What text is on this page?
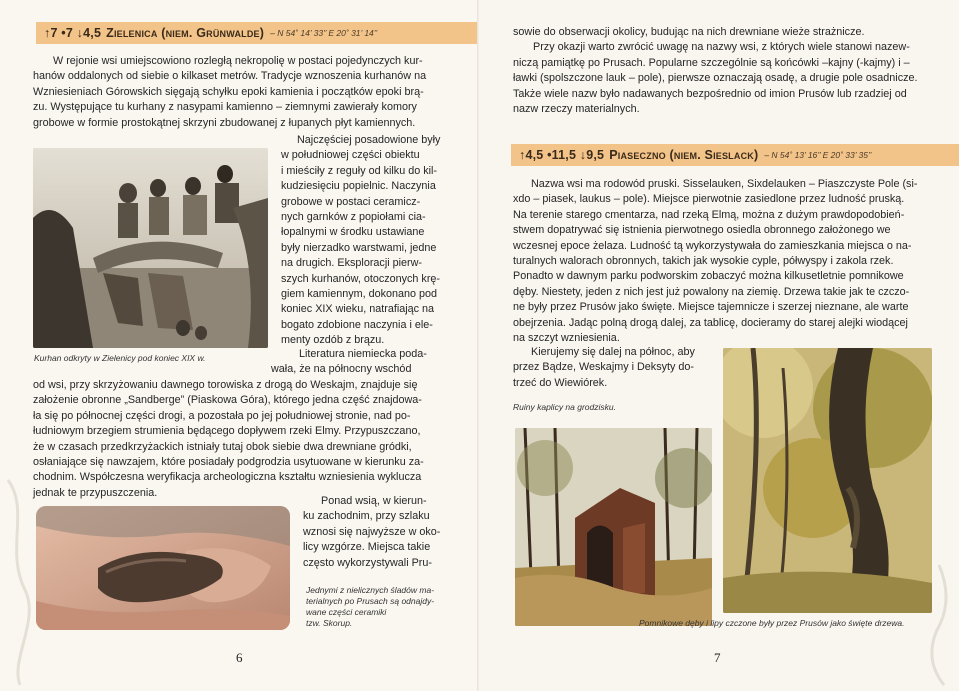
↑7 •7 ↓4,5 Zielenica (niem. Grünwalde) – N 54˚ 14’ 33’’ E 20˚ 31’ 14’’

W rejonie wsi umiejscowiono rozległą nekropolię w postaci pojedynczych kur-

hanów oddalonych od siebie o kilkaset metrów. Tradycje wznoszenia kurhanów na

Wzniesieniach Górowskich sięgają schyłku epoki kamienia i początków epoki brą-

zu. Występujące tu kurhany z nasypami kamienno – ziemnymi zawierały komory

grobowe w formie prostokątnej skrzyni zbudowanej z łupanych płyt kamiennych.

Kurhan odkryty w Zielenicy pod koniec XIX w.

Najczęściej posadowione były

w południowej części obiektu

i mieściły z reguły od kilku do kil-

kudziesięciu popielnic. Naczynia

grobowe w postaci ceramicz-

nych garnków z popiołami cia-

łopalnymi w środku ustawiane

były nierzadko warstwami, jedne

na drugich. Eksploracji pierw-

szych kurhanów, otoczonych krę-

giem kamiennym, dokonano pod

koniec XIX wieku, natrafiając na

bogato zdobione naczynia i ele-

menty ozdób z brązu.

Literatura niemiecka poda-

wała, że na północny wschód

od wsi, przy skrzyżowaniu dawnego torowiska z drogą do Weskajm, znajduje się

założenie obronne „Sandberge” (Piaskowa Góra), którego jedna część znajdowa-

ła się po północnej części drogi, a pozostała po jej południowej stronie, nad po-

łudniowym brzegiem strumienia będącego dopływem rzeki Elmy. Przypuszczano,

że w czasach przedkrzyżackich istniały tutaj obok siebie dwa drewniane gródki,

osłaniające się nawzajem, które posiadały podgrodzia usytuowane w kierunku za-

chodnim. Współczesna weryfikacja archeologiczna kształtu wzniesienia wyklucza

jednak te przypuszczenia.

Ponad wsią, w kierun-

ku zachodnim, przy szlaku

wznosi się najwyższe w oko-

licy wzgórze. Miejsca takie

często wykorzystywali Pru-

Jednymi z nielicznych śladów ma-

terialnych po Prusach są odnajdy-

wane części ceramiki

tzw. Skorup.

6

sowie do obserwacji okolicy, budując na nich drewniane wieże strażnicze.

Przy okazji warto zwrócić uwagę na nazwy wsi, z których wiele stanowi nazew-

niczą pamiątkę po Prusach. Popularne szczególnie są końcówki –kajny (-kajmy) i –

ławki (spolszczone lauk – pole), pierwsze oznaczają osadę, a drugie pole osadnicze.

Także wiele nazw było nadawanych bezpośrednio od imion Prusów lub rzadziej od

nazw rzeczy materialnych.

↑4,5 •11,5 ↓9,5 Piaseczno (niem. Sieslack) – N 54˚ 13’ 16’’ E 20˚ 33’ 35’’

Nazwa wsi ma rodowód pruski. Sisselauken, Sixdelauken – Piaszczyste Pole (si-

xdo – piasek, laukus – pole). Miejsce pierwotnie zasiedlone przez ludność pruską.

Na terenie starego cmentarza, nad rzeką Elmą, można z dużym prawdopodobień-

stwem dopatrywać się istnienia pierwotnego osiedla obronnego założonego we

wczesnej epoce żelaza. Ludność tą wykorzystywała do zamieszkania miejsca o na-

turalnych walorach obronnych, takich jak wysokie cyple, półwyspy i zakola rzek.

Ponadto w dawnym parku podworskim zobaczyć można kilkusetletnie pomnikowe

dęby. Niestety, jeden z nich jest już powalony na ziemię. Drzewa takie jak te czczo-

ne były przez Prusów jako święte. Miejsce tajemnicze i szerzej nieznane, ale warte

obejrzenia. Jadąc polną drogą dalej, za tablicę, docieramy do starej alejki wiodącej

na szczyt wzniesienia.

Kierujemy się dalej na północ, aby

przez Bądze, Weskajmy i Deksyty do-

trzeć do Wiewiórek.

Ruiny kaplicy na grodzisku.
Pomnikowe dęby i lipy czczone były przez Prusów jako święte drzewa.
7
